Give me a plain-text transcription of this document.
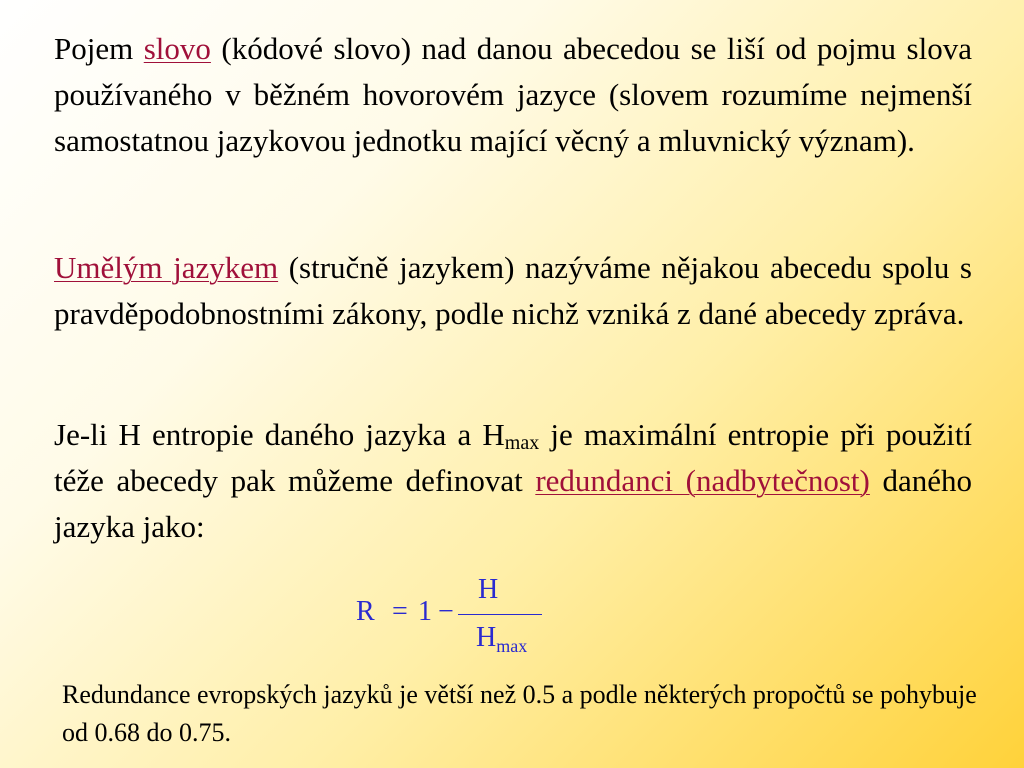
Pojem slovo (kódové slovo) nad danou abecedou se liší od pojmu slova používaného v běžném hovorovém jazyce (slovem rozumíme nejmenší samostatnou jazykovou jednotku mající věcný a mluvnický význam).

Umělým jazykem (stručně jazykem) nazýváme nějakou abecedu spolu s pravděpodobnostními zákony, podle nichž vzniká z dané abecedy zpráva.

Je-li H entropie daného jazyka a $H_{max}$ je maximální entropie při použití téže abecedy pak můžeme definovat redundanci (nadbytečnost) daného jazyka jako:

R = 1 −
H
$H_{max}$

Redundance evropských jazyků je větší než 0.5 a podle některých propočtů se pohybuje od 0.68 do 0.75.
